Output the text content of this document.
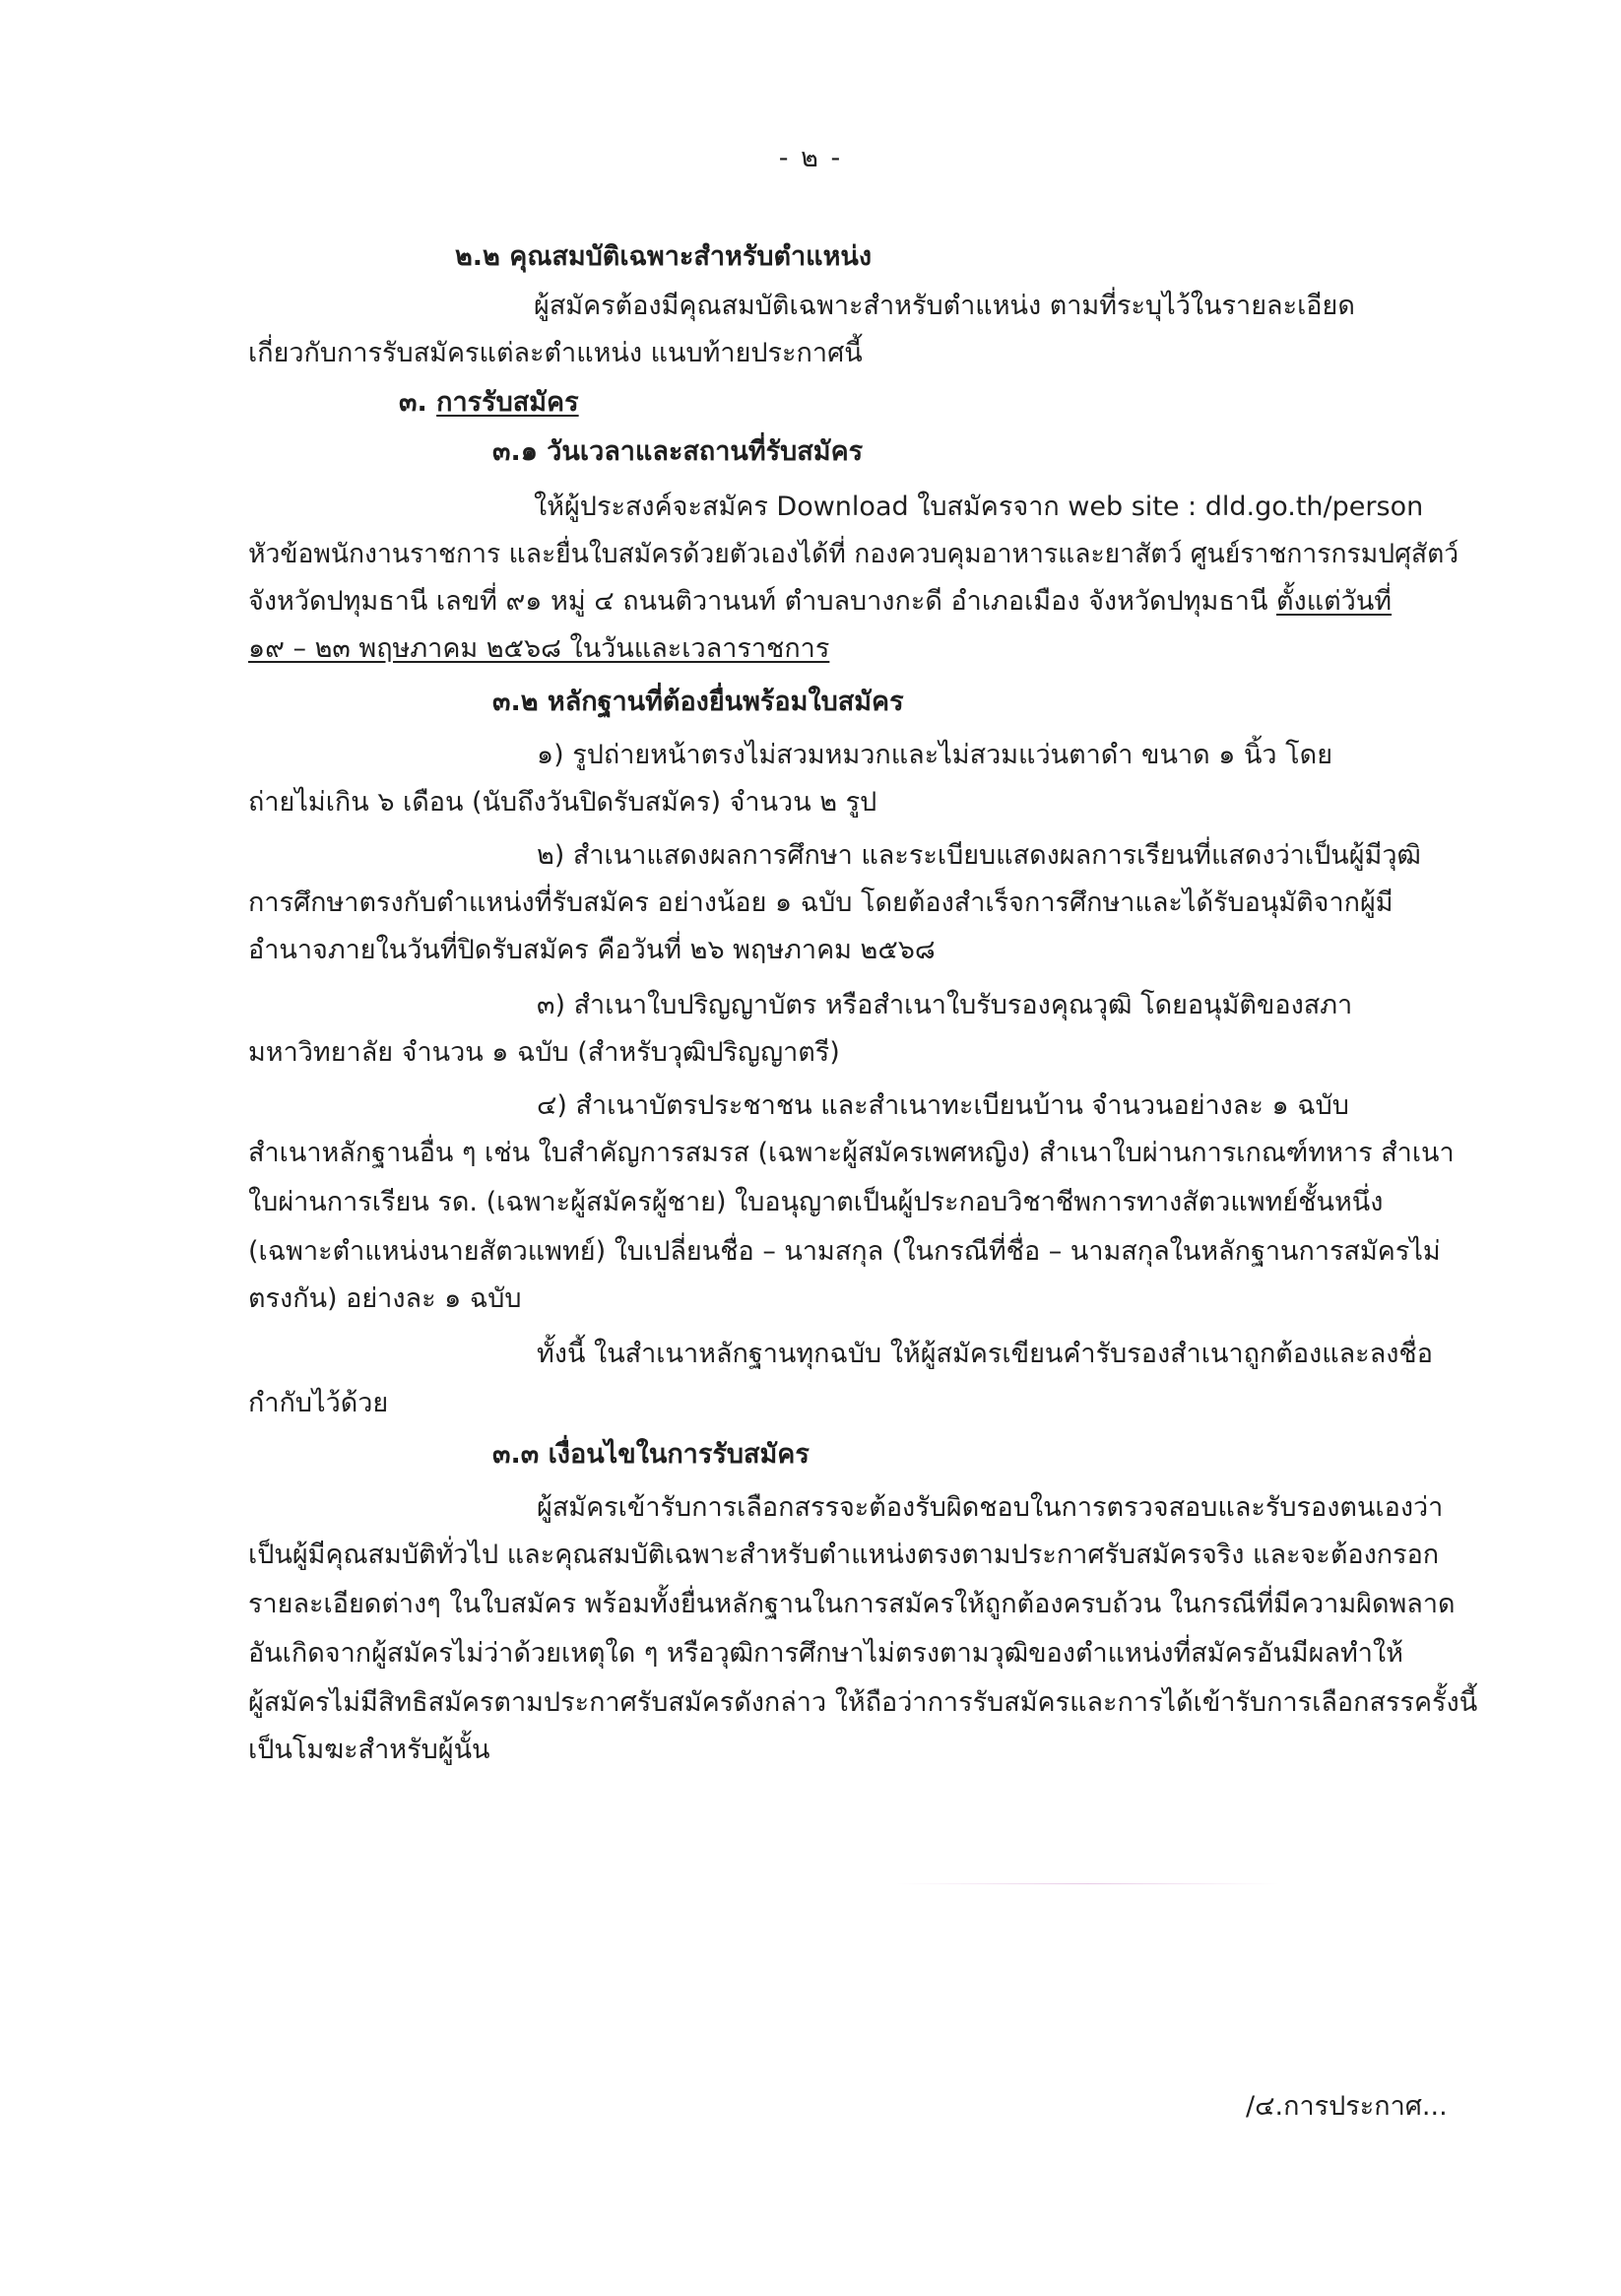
- ๒ -
๒.๒ คุณสมบัติเฉพาะสำหรับตำแหน่ง
ผู้สมัครต้องมีคุณสมบัติเฉพาะสำหรับตำแหน่ง ตามที่ระบุไว้ในรายละเอียด
เกี่ยวกับการรับสมัครแต่ละตำแหน่ง แนบท้ายประกาศนี้
๓. การรับสมัคร
๓.๑ วันเวลาและสถานที่รับสมัคร
ให้ผู้ประสงค์จะสมัคร Download ใบสมัครจาก web site : dld.go.th/person
หัวข้อพนักงานราชการ และยื่นใบสมัครด้วยตัวเองได้ที่ กองควบคุมอาหารและยาสัตว์ ศูนย์ราชการกรมปศุสัตว์
จังหวัดปทุมธานี เลขที่ ๙๑ หมู่ ๔ ถนนติวานนท์ ตำบลบางกะดี อำเภอเมือง จังหวัดปทุมธานี ตั้งแต่วันที่
๑๙ – ๒๓ พฤษภาคม ๒๕๖๘ ในวันและเวลาราชการ
๓.๒ หลักฐานที่ต้องยื่นพร้อมใบสมัคร
๑) รูปถ่ายหน้าตรงไม่สวมหมวกและไม่สวมแว่นตาดำ ขนาด ๑ นิ้ว โดย
ถ่ายไม่เกิน ๖ เดือน (นับถึงวันปิดรับสมัคร) จำนวน ๒ รูป
๒) สำเนาแสดงผลการศึกษา และระเบียบแสดงผลการเรียนที่แสดงว่าเป็นผู้มีวุฒิ
การศึกษาตรงกับตำแหน่งที่รับสมัคร อย่างน้อย ๑ ฉบับ โดยต้องสำเร็จการศึกษาและได้รับอนุมัติจากผู้มี
อำนาจภายในวันที่ปิดรับสมัคร คือวันที่ ๒๖ พฤษภาคม ๒๕๖๘
๓) สำเนาใบปริญญาบัตร หรือสำเนาใบรับรองคุณวุฒิ โดยอนุมัติของสภา
มหาวิทยาลัย จำนวน ๑ ฉบับ (สำหรับวุฒิปริญญาตรี)
๔) สำเนาบัตรประชาชน และสำเนาทะเบียนบ้าน จำนวนอย่างละ ๑ ฉบับ
สำเนาหลักฐานอื่น ๆ เช่น ใบสำคัญการสมรส (เฉพาะผู้สมัครเพศหญิง) สำเนาใบผ่านการเกณฑ์ทหาร สำเนา
ใบผ่านการเรียน รด. (เฉพาะผู้สมัครผู้ชาย) ใบอนุญาตเป็นผู้ประกอบวิชาชีพการทางสัตวแพทย์ชั้นหนึ่ง
(เฉพาะตำแหน่งนายสัตวแพทย์) ใบเปลี่ยนชื่อ – นามสกุล (ในกรณีที่ชื่อ – นามสกุลในหลักฐานการสมัครไม่
ตรงกัน) อย่างละ ๑ ฉบับ
ทั้งนี้ ในสำเนาหลักฐานทุกฉบับ ให้ผู้สมัครเขียนคำรับรองสำเนาถูกต้องและลงชื่อ
กำกับไว้ด้วย
๓.๓ เงื่อนไขในการรับสมัคร
ผู้สมัครเข้ารับการเลือกสรรจะต้องรับผิดชอบในการตรวจสอบและรับรองตนเองว่า
เป็นผู้มีคุณสมบัติทั่วไป และคุณสมบัติเฉพาะสำหรับตำแหน่งตรงตามประกาศรับสมัครจริง และจะต้องกรอก
รายละเอียดต่างๆ ในใบสมัคร พร้อมทั้งยื่นหลักฐานในการสมัครให้ถูกต้องครบถ้วน ในกรณีที่มีความผิดพลาด
อันเกิดจากผู้สมัครไม่ว่าด้วยเหตุใด ๆ หรือวุฒิการศึกษาไม่ตรงตามวุฒิของตำแหน่งที่สมัครอันมีผลทำให้
ผู้สมัครไม่มีสิทธิสมัครตามประกาศรับสมัครดังกล่าว ให้ถือว่าการรับสมัครและการได้เข้ารับการเลือกสรรครั้งนี้
เป็นโมฆะสำหรับผู้นั้น
/๔.การประกาศ...
